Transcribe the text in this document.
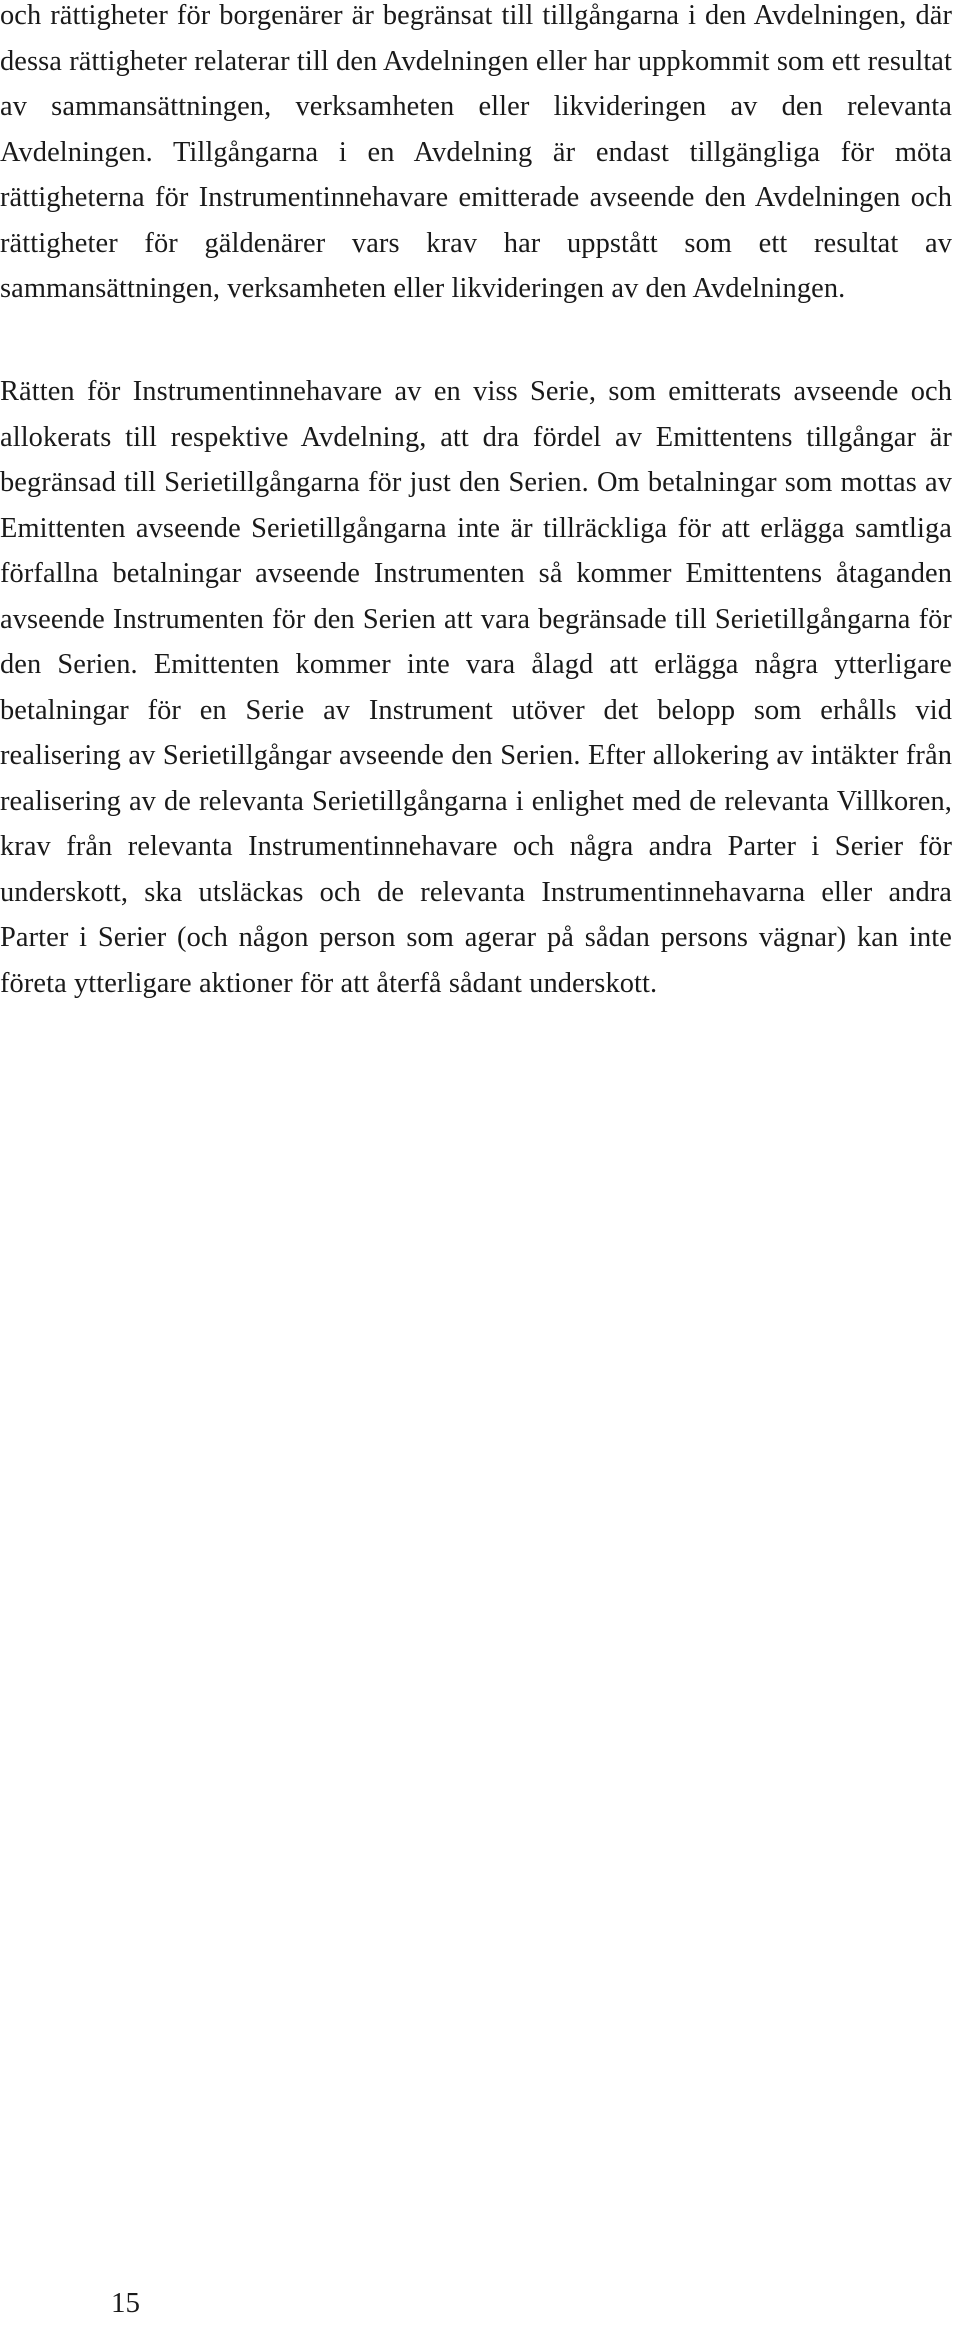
och rättigheter för borgenärer är begränsat till tillgångarna i den Avdelningen, där dessa rättigheter relaterar till den Avdelningen eller har uppkommit som ett resultat av sammansättningen, verksamheten eller likvideringen av den relevanta Avdelningen. Tillgångarna i en Avdelning är endast tillgängliga för möta rättigheterna för Instrumentinnehavare emitterade avseende den Avdelningen och rättigheter för gäldenärer vars krav har uppstått som ett resultat av sammansättningen, verksamheten eller likvideringen av den Avdelningen.

Rätten för Instrumentinnehavare av en viss Serie, som emitterats avseende och allokerats till respektive Avdelning, att dra fördel av Emittentens tillgångar är begränsad till Serietillgångarna för just den Serien. Om betalningar som mottas av Emittenten avseende Serietillgångarna inte är tillräckliga för att erlägga samtliga förfallna betalningar avseende Instrumenten så kommer Emittentens åtaganden avseende Instrumenten för den Serien att vara begränsade till Serietillgångarna för den Serien. Emittenten kommer inte vara ålagd att erlägga några ytterligare betalningar för en Serie av Instrument utöver det belopp som erhålls vid realisering av Serietillgångar avseende den Serien. Efter allokering av intäkter från realisering av de relevanta Serietillgångarna i enlighet med de relevanta Villkoren, krav från relevanta Instrumentinnehavare och några andra Parter i Serier för underskott, ska utsläckas och de relevanta Instrumentinnehavarna eller andra Parter i Serier (och någon person som agerar på sådan persons vägnar) kan inte företa ytterligare aktioner för att återfå sådant underskott.

15
